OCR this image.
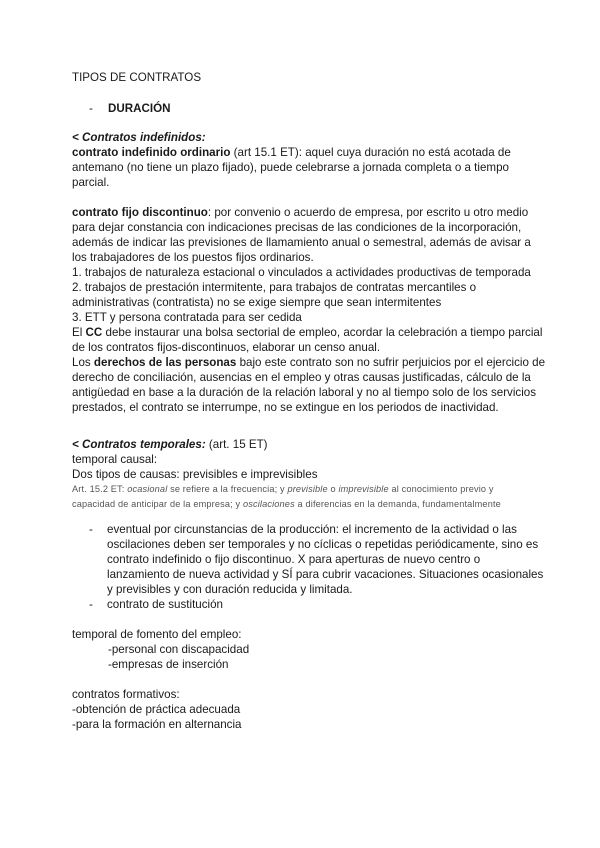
TIPOS DE CONTRATOS
- DURACIÓN
< Contratos indefinidos:
contrato indefinido ordinario (art 15.1 ET): aquel cuya duración no está acotada de
antemano (no tiene un plazo fijado), puede celebrarse a jornada completa o a tiempo
parcial.
contrato fijo discontinuo: por convenio o acuerdo de empresa, por escrito u otro medio
para dejar constancia con indicaciones precisas de las condiciones de la incorporación,
además de indicar las previsiones de llamamiento anual o semestral, además de avisar a
los trabajadores de los puestos fijos ordinarios.
1. trabajos de naturaleza estacional o vinculados a actividades productivas de temporada
2. trabajos de prestación intermitente, para trabajos de contratas mercantiles o
administrativas (contratista) no se exige siempre que sean intermitentes
3. ETT y persona contratada para ser cedida
El CC debe instaurar una bolsa sectorial de empleo, acordar la celebración a tiempo parcial
de los contratos fijos-discontinuos, elaborar un censo anual.
Los derechos de las personas bajo este contrato son no sufrir perjuicios por el ejercicio de
derecho de conciliación, ausencias en el empleo y otras causas justificadas, cálculo de la
antigüedad en base a la duración de la relación laboral y no al tiempo solo de los servicios
prestados, el contrato se interrumpe, no se extingue en los periodos de inactividad.
< Contratos temporales: (art. 15 ET)
temporal causal:
Dos tipos de causas: previsibles e imprevisibles
Art. 15.2 ET: ocasional se refiere a la frecuencia; y previsible o imprevisible al conocimiento previo y
capacidad de anticipar de la empresa; y oscilaciones a diferencias en la demanda, fundamentalmente
- eventual por circunstancias de la producción: el incremento de la actividad o las
oscilaciones deben ser temporales y no cíclicas o repetidas periódicamente, sino es
contrato indefinido o fijo discontinuo. X para aperturas de nuevo centro o
lanzamiento de nueva actividad y SÍ para cubrir vacaciones. Situaciones ocasionales
y previsibles y con duración reducida y limitada.
- contrato de sustitución
temporal de fomento del empleo:
-personal con discapacidad
-empresas de inserción
contratos formativos:
-obtención de práctica adecuada
-para la formación en alternancia
